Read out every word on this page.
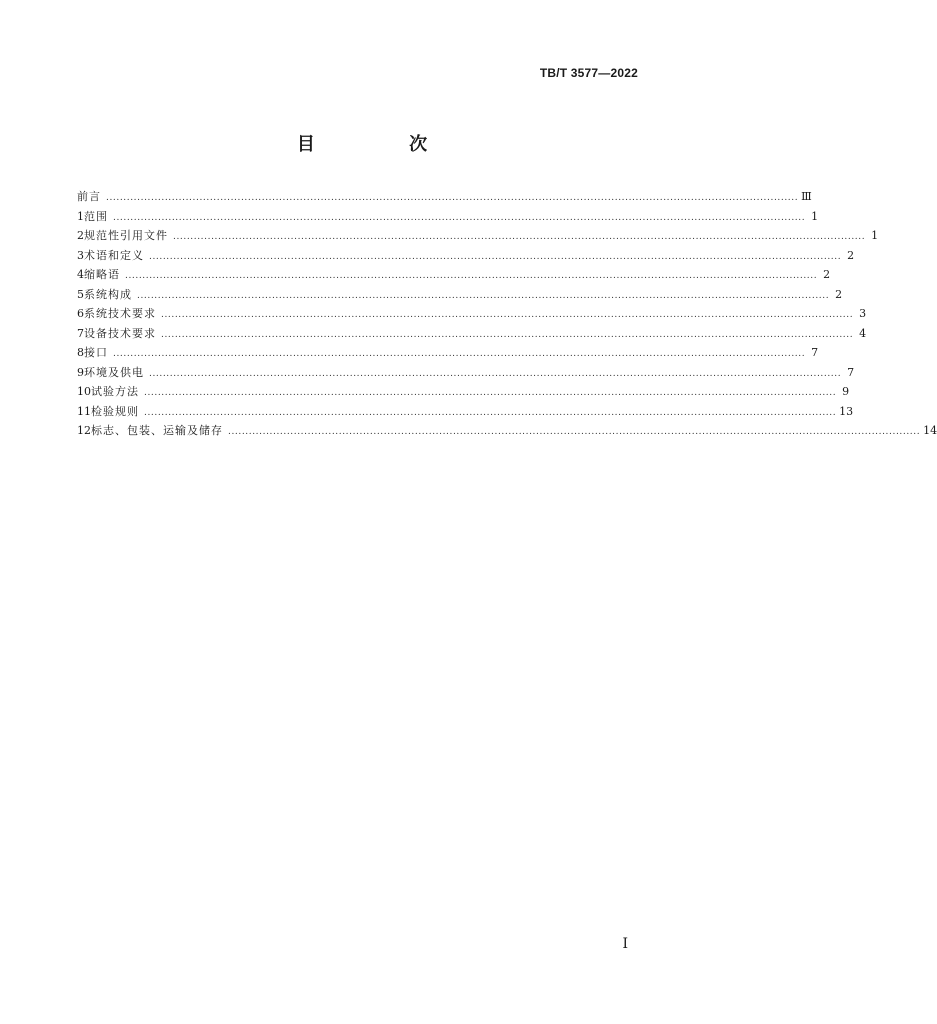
TB/T 3577—2022
目 次
前言 ........................................................................................................................................................................................................ Ⅲ
1 范围 ........................................................................................................................................................................................................ 1
2 规范性引用文件 ........................................................................................................................................................................................................ 1
3 术语和定义 ........................................................................................................................................................................................................ 2
4 缩略语 ........................................................................................................................................................................................................ 2
5 系统构成 ........................................................................................................................................................................................................ 2
6 系统技术要求 ........................................................................................................................................................................................................ 3
7 设备技术要求 ........................................................................................................................................................................................................ 4
8 接口 ........................................................................................................................................................................................................ 7
9 环境及供电 ........................................................................................................................................................................................................ 7
10 试验方法 ........................................................................................................................................................................................................ 9
11 检验规则 ........................................................................................................................................................................................................ 13
12 标志、包装、运输及储存 ........................................................................................................................................................................................................ 14
I
